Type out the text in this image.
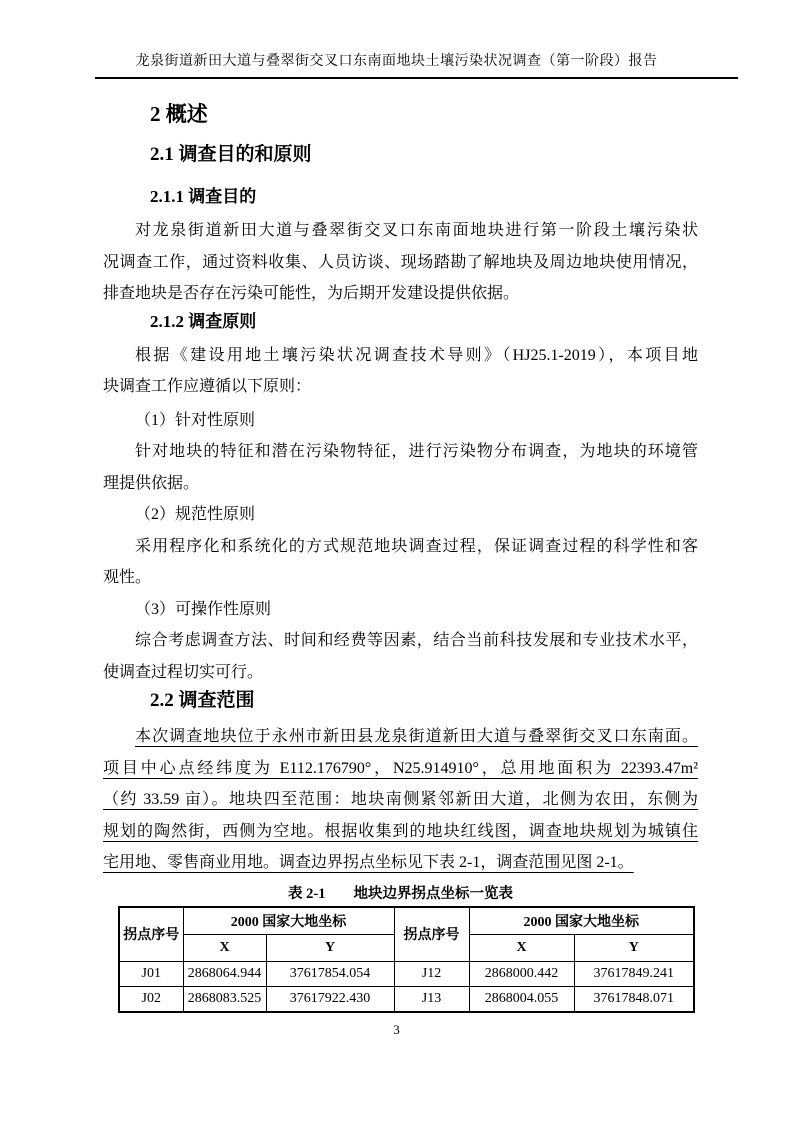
龙泉街道新田大道与叠翠街交叉口东南面地块土壤污染状况调查（第一阶段）报告
2 概述
2.1 调查目的和原则
2.1.1 调查目的
对龙泉街道新田大道与叠翠街交叉口东南面地块进行第一阶段土壤污染状
况调查工作，通过资料收集、人员访谈、现场踏勘了解地块及周边地块使用情况，
排查地块是否存在污染可能性，为后期开发建设提供依据。
2.1.2 调查原则
根据《建设用地土壤污染状况调查技术导则》（HJ25.1-2019），本项目地
块调查工作应遵循以下原则：
（1）针对性原则
针对地块的特征和潜在污染物特征，进行污染物分布调查，为地块的环境管
理提供依据。
（2）规范性原则
采用程序化和系统化的方式规范地块调查过程，保证调查过程的科学性和客
观性。
（3）可操作性原则
综合考虑调查方法、时间和经费等因素，结合当前科技发展和专业技术水平，
使调查过程切实可行。
2.2 调查范围
本次调查地块位于永州市新田县龙泉街道新田大道与叠翠街交叉口东南面。
项目中心点经纬度为 E112.176790°，N25.914910°，总用地面积为 22393.47m²
（约 33.59 亩）。地块四至范围：地块南侧紧邻新田大道，北侧为农田，东侧为
规划的陶然街，西侧为空地。根据收集到的地块红线图，调查地块规划为城镇住
宅用地、零售商业用地。调查边界拐点坐标见下表 2-1，调查范围见图 2-1。
表 2-1 地块边界拐点坐标一览表
拐点序号	2000 国家大地坐标		拐点序号	2000 国家大地坐标	
	X	Y		X	Y
J01	2868064.944	37617854.054	J12	2868000.442	37617849.241
J02	2868083.525	37617922.430	J13	2868004.055	37617848.071
3
